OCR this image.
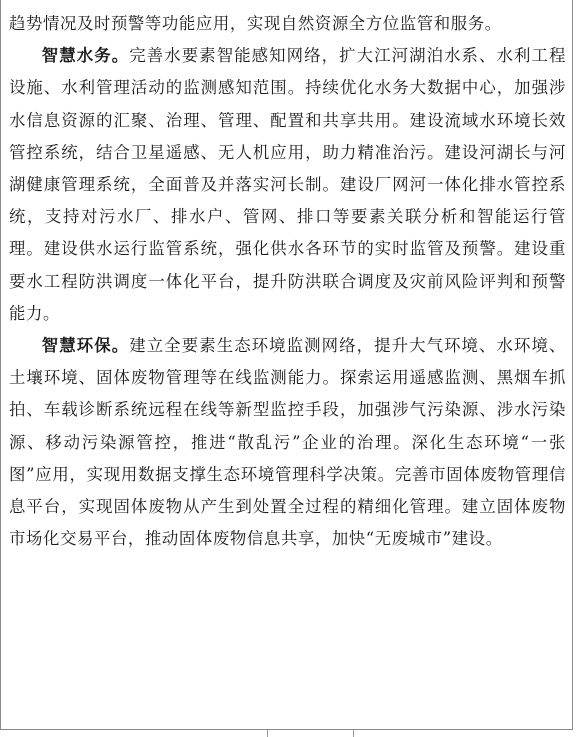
趋势情况及时预警等功能应用，实现自然资源全方位监管和服务。

智慧水务。完善水要素智能感知网络，扩大江河湖泊水系、水利工程设施、水利管理活动的监测感知范围。持续优化水务大数据中心，加强涉水信息资源的汇聚、治理、管理、配置和共享共用。建设流域水环境长效管控系统，结合卫星遥感、无人机应用，助力精准治污。建设河湖长与河湖健康管理系统，全面普及并落实河长制。建设厂网河一体化排水管控系统，支持对污水厂、排水户、管网、排口等要素关联分析和智能运行管理。建设供水运行监管系统，强化供水各环节的实时监管及预警。建设重要水工程防洪调度一体化平台，提升防洪联合调度及灾前风险评判和预警能力。

智慧环保。建立全要素生态环境监测网络，提升大气环境、水环境、土壤环境、固体废物管理等在线监测能力。探索运用遥感监测、黑烟车抓拍、车载诊断系统远程在线等新型监控手段，加强涉气污染源、涉水污染源、移动污染源管控，推进“散乱污”企业的治理。深化生态环境“一张图”应用，实现用数据支撑生态环境管理科学决策。完善市固体废物管理信息平台，实现固体废物从产生到处置全过程的精细化管理。建立固体废物市场化交易平台，推动固体废物信息共享，加快“无废城市”建设。
